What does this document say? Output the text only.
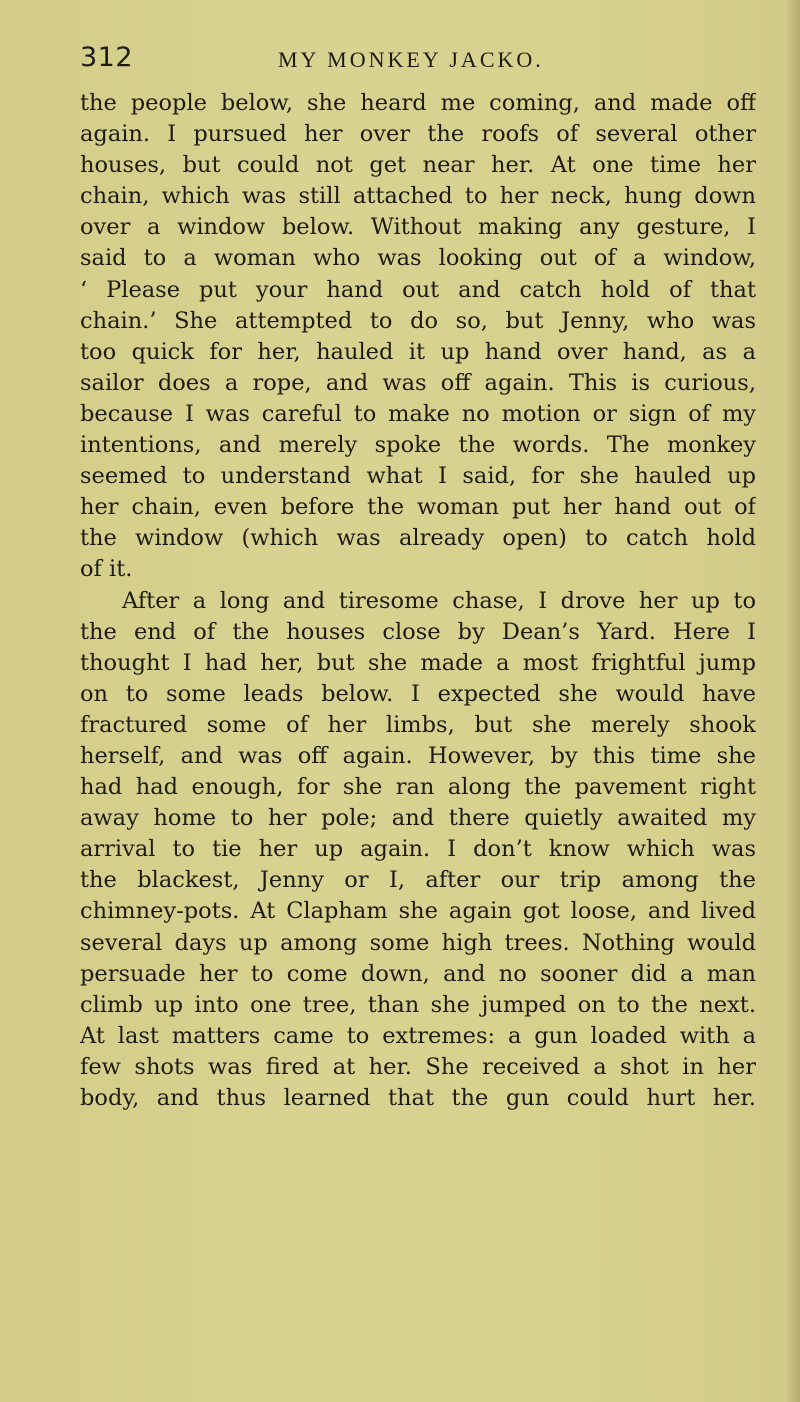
312	MY MONKEY JACKO.
the people below, she heard me coming, and made off
again. I pursued her over the roofs of several other
houses, but could not get near her. At one time her
chain, which was still attached to her neck, hung down
over a window below. Without making any gesture, I
said to a woman who was looking out of a window,
‘ Please put your hand out and catch hold of that
chain.’ She attempted to do so, but Jenny, who was
too quick for her, hauled it up hand over hand, as a
sailor does a rope, and was off again. This is curious,
because I was careful to make no motion or sign of my
intentions, and merely spoke the words. The monkey
seemed to understand what I said, for she hauled up
her chain, even before the woman put her hand out of
the window (which was already open) to catch hold
of it.
After a long and tiresome chase, I drove her up to
the end of the houses close by Dean’s Yard. Here I
thought I had her, but she made a most frightful jump
on to some leads below. I expected she would have
fractured some of her limbs, but she merely shook
herself, and was off again. However, by this time she
had had enough, for she ran along the pavement right
away home to her pole; and there quietly awaited my
arrival to tie her up again. I don’t know which was
the blackest, Jenny or I, after our trip among the
chimney-pots. At Clapham she again got loose, and lived
several days up among some high trees. Nothing would
persuade her to come down, and no sooner did a man
climb up into one tree, than she jumped on to the next.
At last matters came to extremes: a gun loaded with a
few shots was fired at her. She received a shot in her
body, and thus learned that the gun could hurt her.
